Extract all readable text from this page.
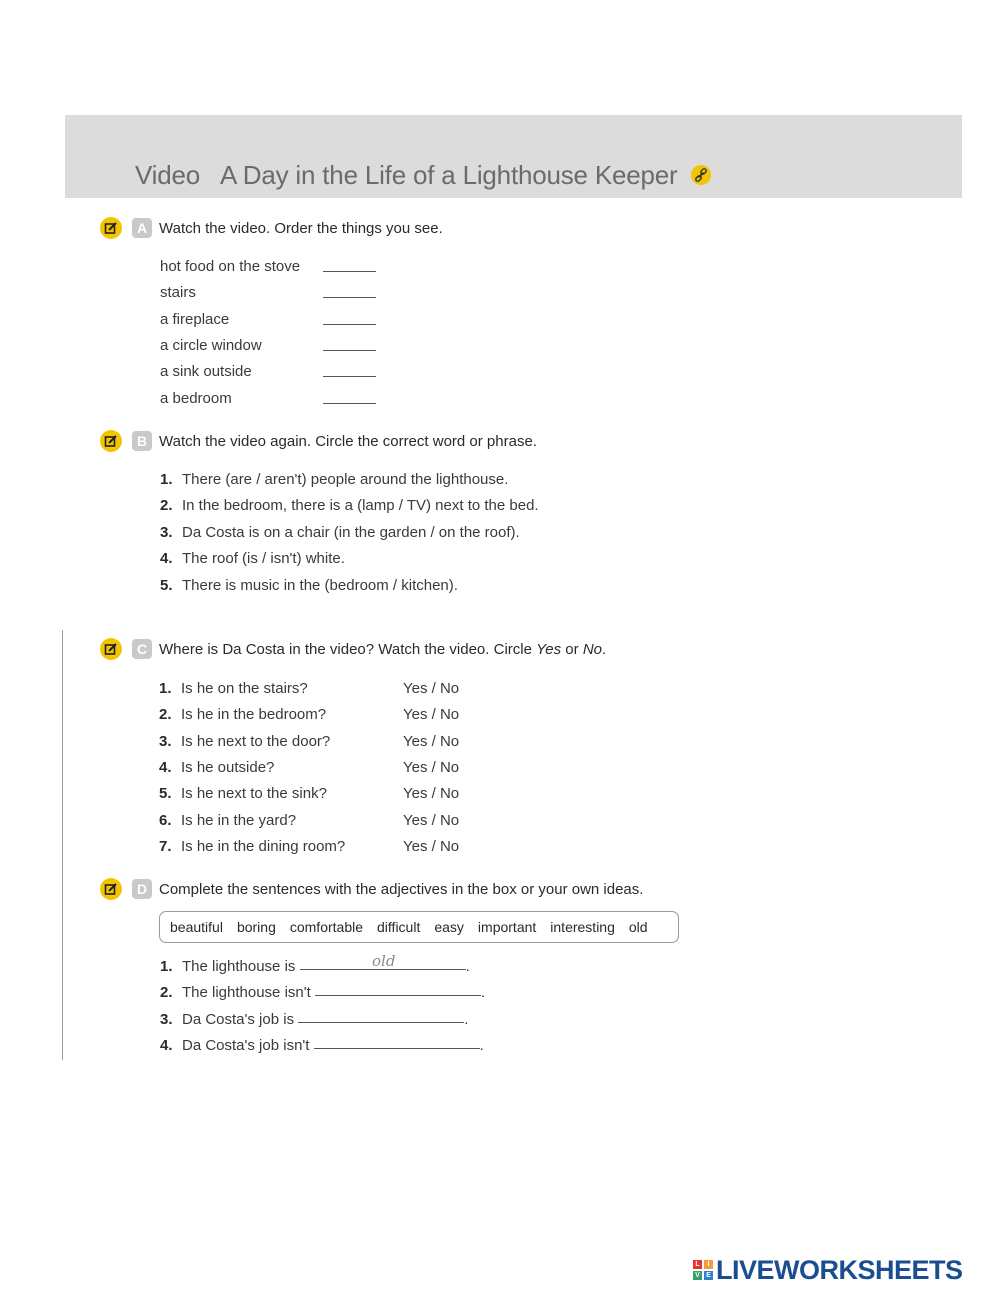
Video A Day in the Life of a Lighthouse Keeper
A Watch the video. Order the things you see.
hot food on the stove
stairs
a fireplace
a circle window
a sink outside
a bedroom
B Watch the video again. Circle the correct word or phrase.
1. There (are / aren't) people around the lighthouse.
2. In the bedroom, there is a (lamp / TV) next to the bed.
3. Da Costa is on a chair (in the garden / on the roof).
4. The roof (is / isn't) white.
5. There is music in the (bedroom / kitchen).
C Where is Da Costa in the video? Watch the video. Circle Yes or No.
1. Is he on the stairs?	Yes / No
2. Is he in the bedroom?	Yes / No
3. Is he next to the door?	Yes / No
4. Is he outside?	Yes / No
5. Is he next to the sink?	Yes / No
6. Is he in the yard?	Yes / No
7. Is he in the dining room?	Yes / No
D Complete the sentences with the adjectives in the box or your own ideas.
beautiful boring comfortable difficult easy important interesting old
1. The lighthouse is	.
old
2. The lighthouse isn't	.
3. Da Costa's job is	.
4. Da Costa's job isn't	.
L	I
V E LIVEWORKSHEETS
